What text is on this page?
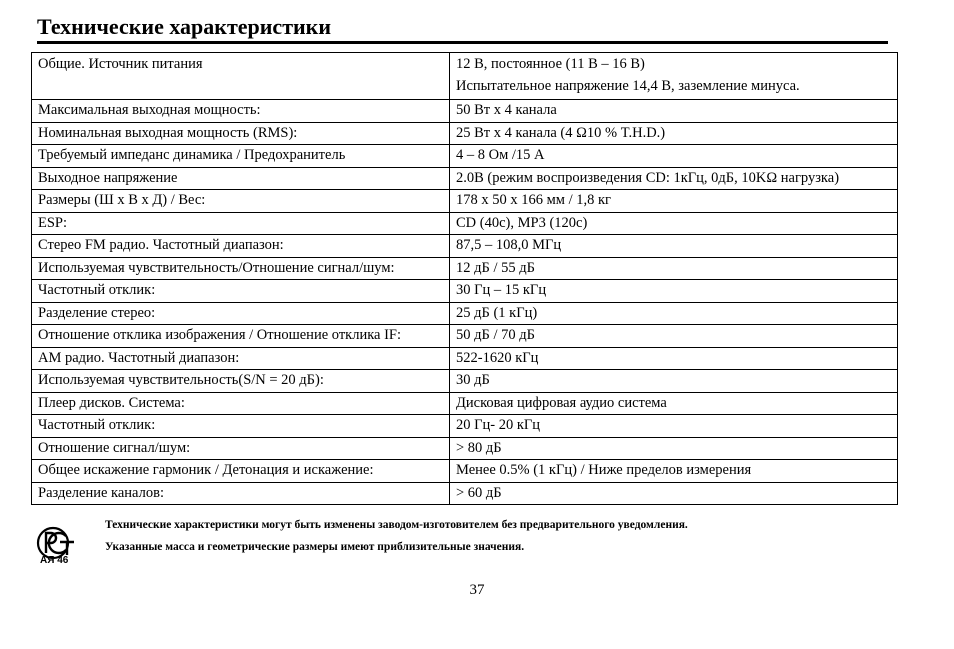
Технические характеристики
Общие. Источник питания	12 В, постоянное (11 В – 16 В)
Испытательное напряжение 14,4 В, заземление минуса.

Максимальная выходная мощность:	50 Вт x 4 канала

Номинальная выходная мощность (RMS):	25 Вт x 4 канала (4 Ω10 % T.H.D.)

Требуемый импеданс динамика / Предохранитель	4 – 8 Ом /15 А

Выходное напряжение	2.0В (режим воспроизведения CD: 1кГц, 0дБ, 10KΩ нагрузка)

Размеры (Ш x В x Д) / Вес:	178 x 50 x 166 мм / 1,8 кг

ESP:	CD (40с), MP3 (120с)

Стерео FM радио. Частотный диапазон:	87,5 – 108,0 МГц

Используемая чувствительность/Отношение сигнал/шум:	12 дБ / 55 дБ

Частотный отклик:	30 Гц – 15 кГц

Разделение стерео:	25 дБ (1 кГц)

Отношение отклика изображения / Отношение отклика IF:	50 дБ / 70 дБ

AM радио. Частотный диапазон:	522-1620 кГц

Используемая чувствительность(S/N = 20 дБ):	30 дБ

Плеер дисков. Система:	Дисковая цифровая аудио система

Частотный отклик:	20 Гц- 20 кГц

Отношение сигнал/шум:	> 80 дБ

Общее искажение гармоник / Детонация и искажение:	Менее 0.5% (1 кГц) / Ниже пределов измерения

Разделение каналов:	> 60 дБ
АЯ 46
Технические характеристики могут быть изменены заводом-изготовителем без предварительного уведомления.
Указанные масса и геометрические размеры имеют приблизительные значения.
37
